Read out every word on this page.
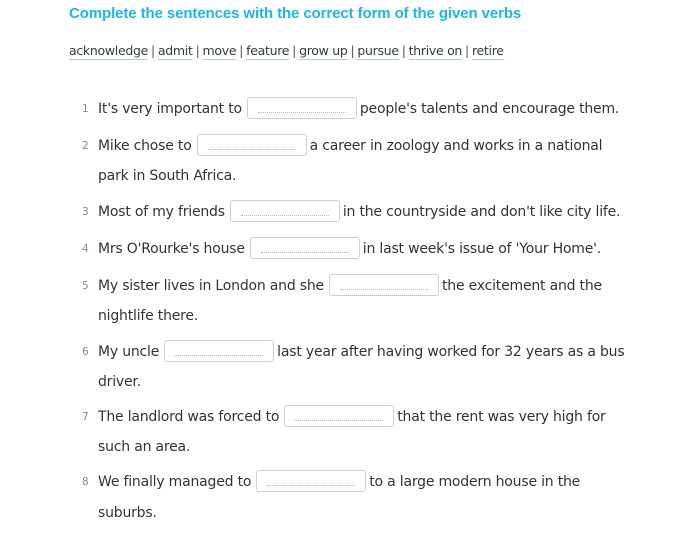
Complete the sentences with the correct form of the given verbs
acknowledge | admit | move | feature | grow up | pursue | thrive on | retire
1 It's very important to	people's talents and encourage them.
2 Mike chose to	a career in zoology and works in a national
park in South Africa.
3 Most of my friends	in the countryside and don't like city life.
4 Mrs O'Rourke's house	in last week's issue of 'Your Home'.
5 My sister lives in London and she	the excitement and the
nightlife there.
6 My uncle	last year after having worked for 32 years as a bus
driver.
7 The landlord was forced to	that the rent was very high for
such an area.
8 We finally managed to	to a large modern house in the
suburbs.
